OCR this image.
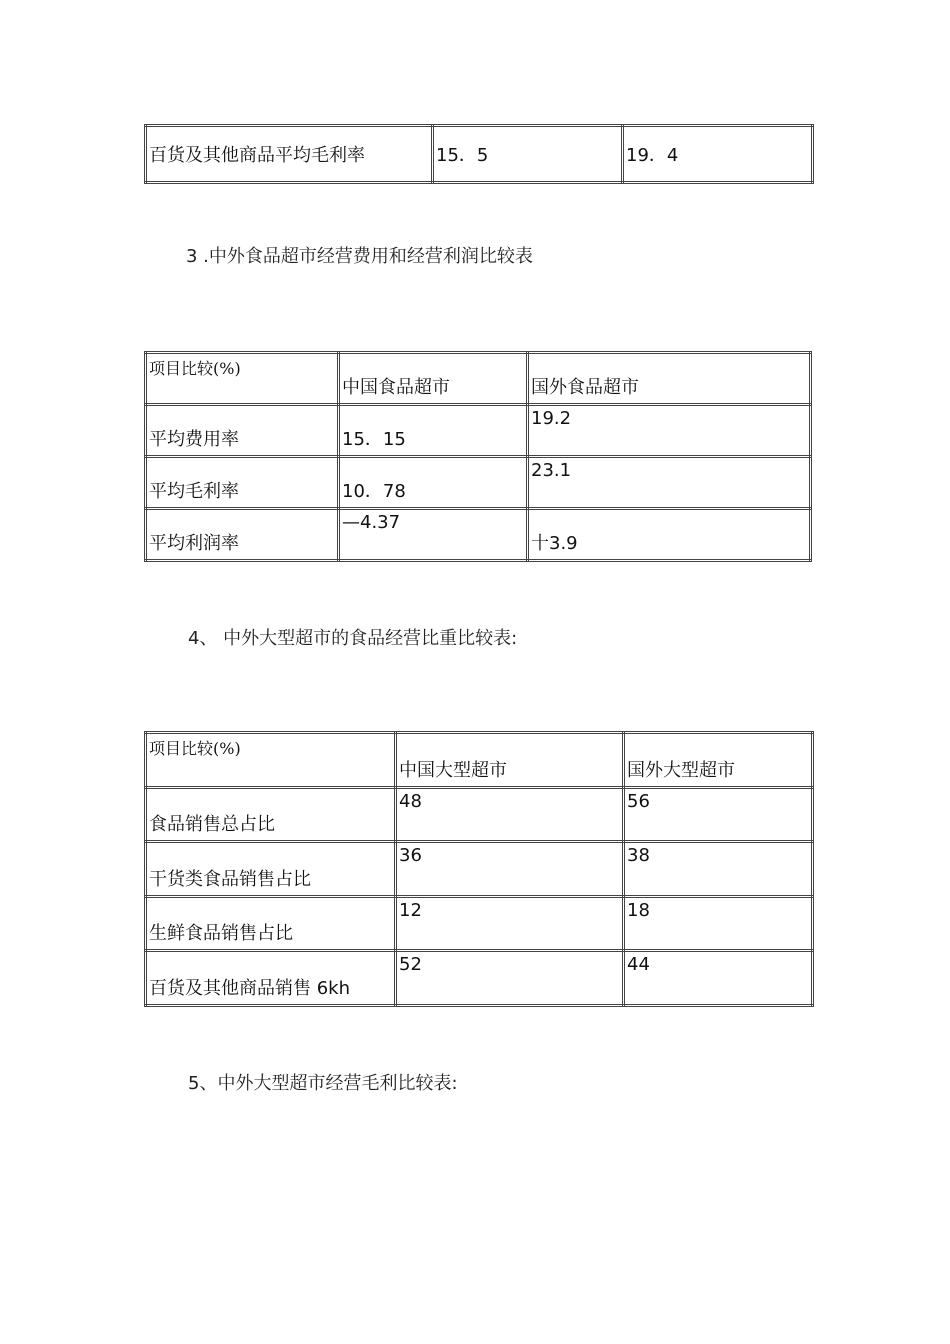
百货及其他商品平均毛利率	15．5	19．4
3 .中外食品超市经营费用和经营利润比较表
项目比较(%)	中国食品超市	国外食品超市
平均费用率	15．15	19.2
平均毛利率	10．78	23.1
平均利润率	—4.37	十3.9
4、 中外大型超市的食品经营比重比较表:
项目比较(%)	中国大型超市	国外大型超市
食品销售总占比	48	56
干货类食品销售占比	36	38
生鲜食品销售占比	12	18
百货及其他商品销售 6kh	52	44
5、中外大型超市经营毛利比较表:
